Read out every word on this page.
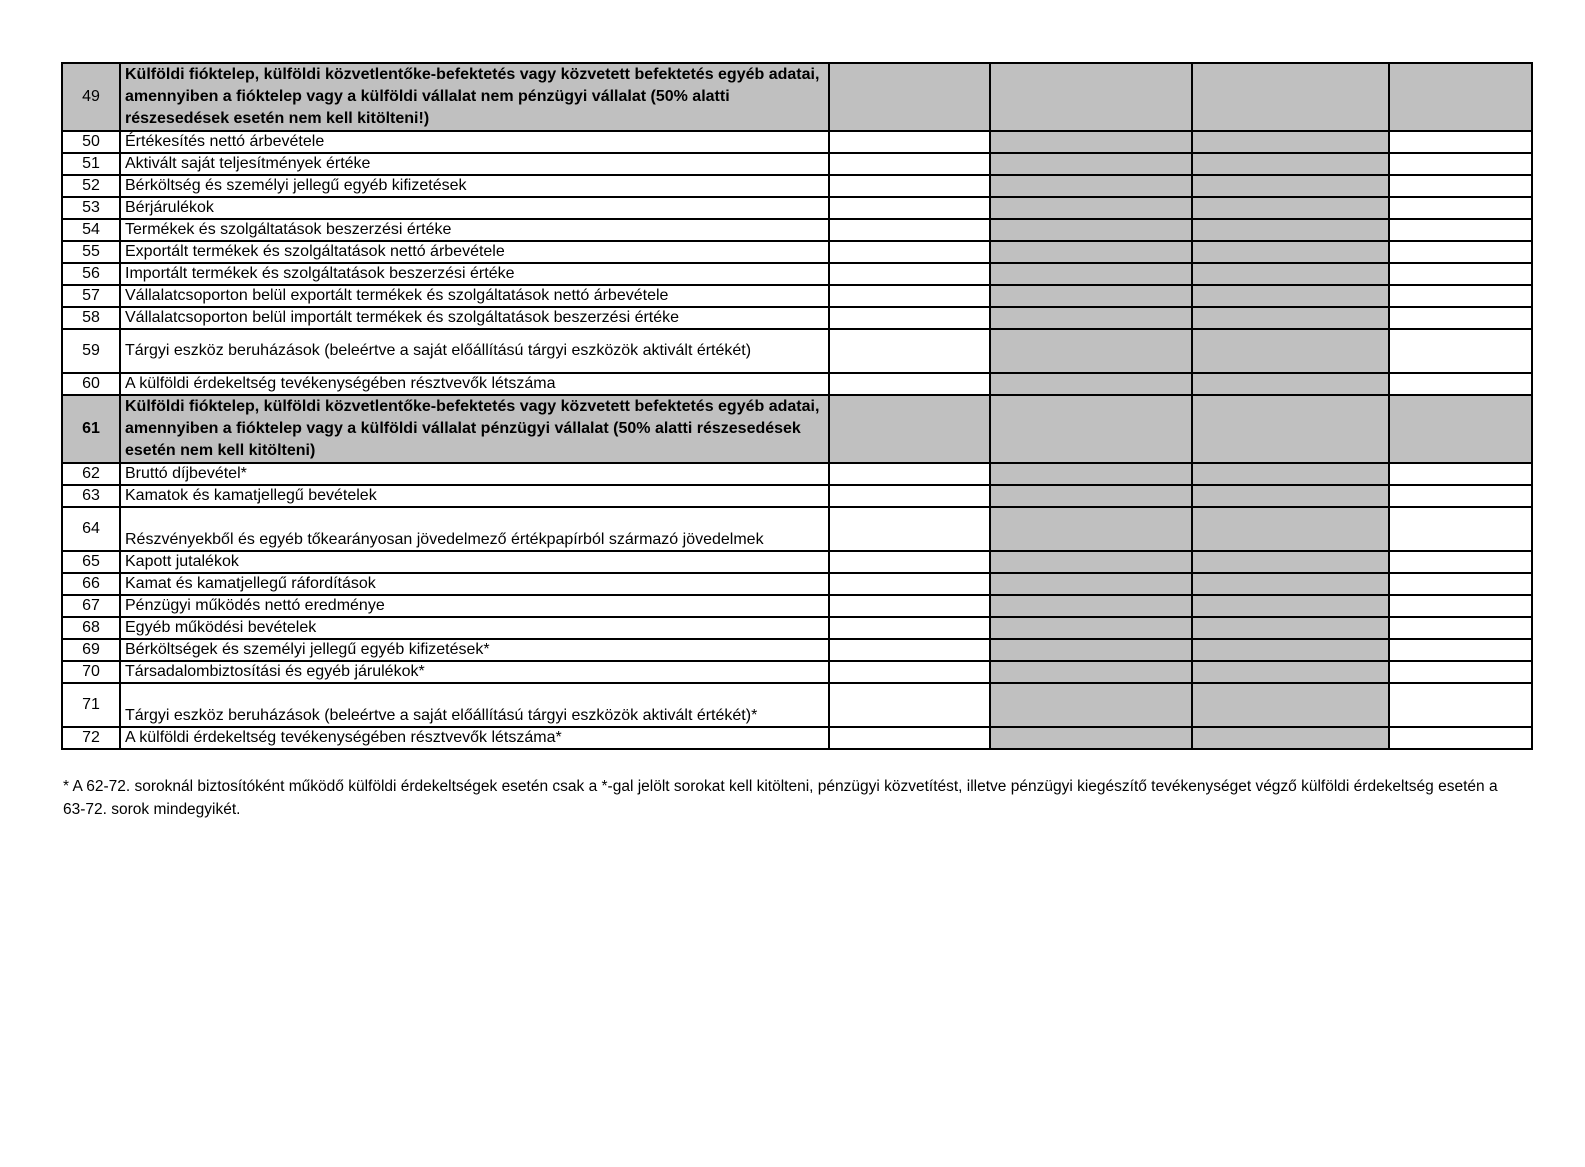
49	Külföldi fióktelep, külföldi közvetlentőke-befektetés vagy közvetett befektetés egyéb adatai, amennyiben a fióktelep vagy a külföldi vállalat nem pénzügyi vállalat (50% alatti részesedések esetén nem kell kitölteni!)				
50	Értékesítés nettó árbevétele				
51	Aktivált saját teljesítmények értéke				
52	Bérköltség és személyi jellegű egyéb kifizetések				
53	Bérjárulékok				
54	Termékek és szolgáltatások beszerzési értéke				
55	Exportált termékek és szolgáltatások nettó árbevétele				
56	Importált termékek és szolgáltatások beszerzési értéke				
57	Vállalatcsoporton belül exportált termékek és szolgáltatások nettó árbevétele				
58	Vállalatcsoporton belül importált termékek és szolgáltatások beszerzési értéke				
59	Tárgyi eszköz beruházások (beleértve a saját előállítású tárgyi eszközök aktivált értékét)				
60	A külföldi érdekeltség tevékenységében résztvevők létszáma				
61	Külföldi fióktelep, külföldi közvetlentőke-befektetés vagy közvetett befektetés egyéb adatai, amennyiben a fióktelep vagy a külföldi vállalat pénzügyi vállalat (50% alatti részesedések esetén nem kell kitölteni)				
62	Bruttó díjbevétel*				
63	Kamatok és kamatjellegű bevételek				
64	Részvényekből és egyéb tőkearányosan jövedelmező értékpapírból származó jövedelmek				
65	Kapott jutalékok				
66	Kamat és kamatjellegű ráfordítások				
67	Pénzügyi működés nettó eredménye				
68	Egyéb működési bevételek				
69	Bérköltségek és személyi jellegű egyéb kifizetések*				
70	Társadalombiztosítási és egyéb járulékok*				
71	Tárgyi eszköz beruházások (beleértve a saját előállítású tárgyi eszközök aktivált értékét)*				
72	A külföldi érdekeltség tevékenységében résztvevők létszáma*				

* A 62-72. soroknál biztosítóként működő külföldi érdekeltségek esetén csak a *-gal jelölt sorokat kell kitölteni, pénzügyi közvetítést, illetve pénzügyi kiegészítő tevékenységet végző külföldi érdekeltség esetén a 63-72. sorok mindegyikét.
